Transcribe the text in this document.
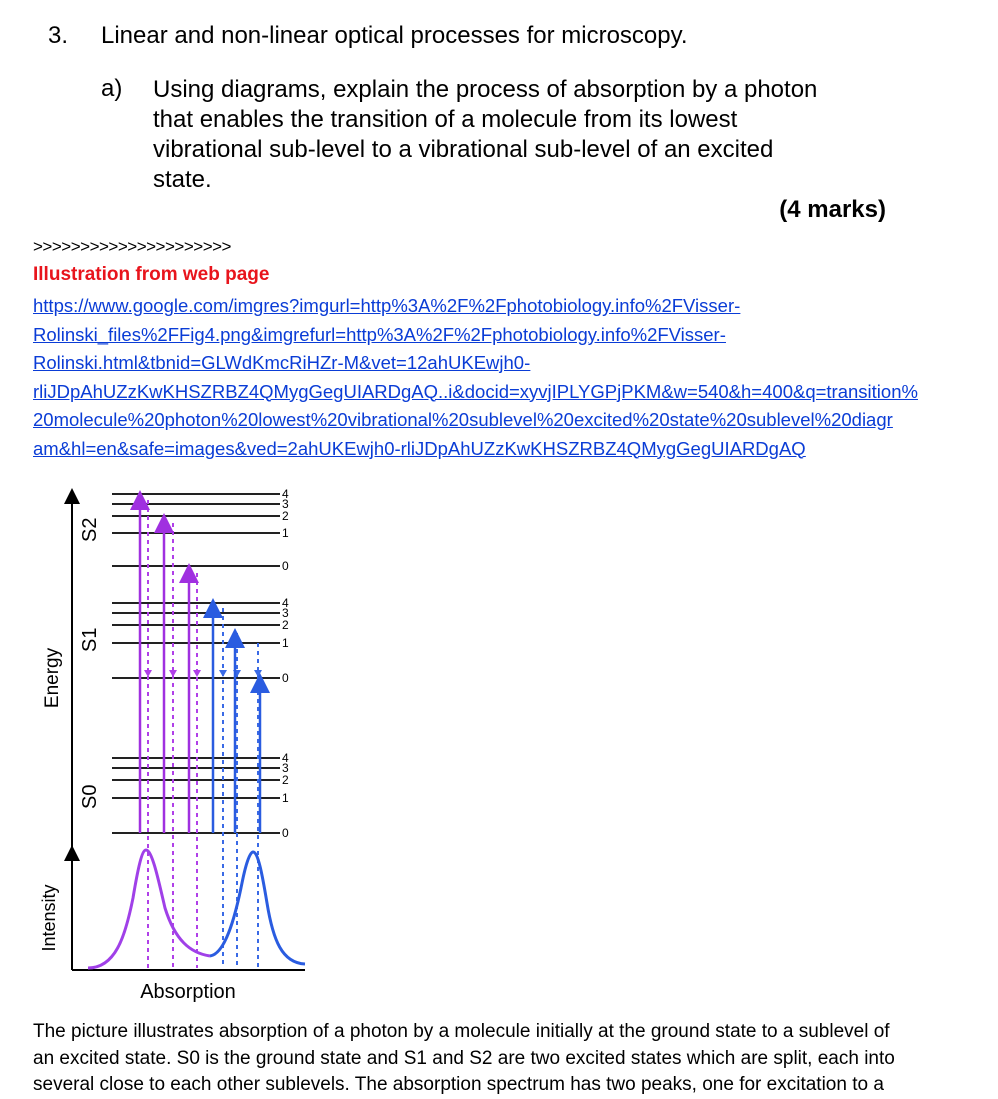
3. Linear and non-linear optical processes for microscopy.
a) Using diagrams, explain the process of absorption by a photon
that enables the transition of a molecule from its lowest
vibrational sub-level to a vibrational sub-level of an excited
state.
(4 marks)
>>>>>>>>>>>>>>>>>>>>>
Illustration from web page
https://www.google.com/imgres?imgurl=http%3A%2F%2Fphotobiology.info%2FVisser-
Rolinski_files%2FFig4.png&imgrefurl=http%3A%2F%2Fphotobiology.info%2FVisser-
Rolinski.html&tbnid=GLWdKmcRiHZr-M&vet=12ahUKEwjh0-
rliJDpAhUZzKwKHSZRBZ4QMygGegUIARDgAQ..i&docid=xyvjIPLYGPjPKM&w=540&h=400&q=transition%
20molecule%20photon%20lowest%20vibrational%20sublevel%20excited%20state%20sublevel%20diagr
am&hl=en&safe=images&ved=2ahUKEwjh0-rliJDpAhUZzKwKHSZRBZ4QMygGegUIARDgAQ
Energy
Intensity
Absorption
S2
S1
S0
4
3
2
1
0
4
3
2
1
0
4
3
2
1
0
The picture illustrates absorption of a photon by a molecule initially at the ground state to a sublevel of
an excited state. S0 is the ground state and S1 and S2 are two excited states which are split, each into
several close to each other sublevels. The absorption spectrum has two peaks, one for excitation to a
